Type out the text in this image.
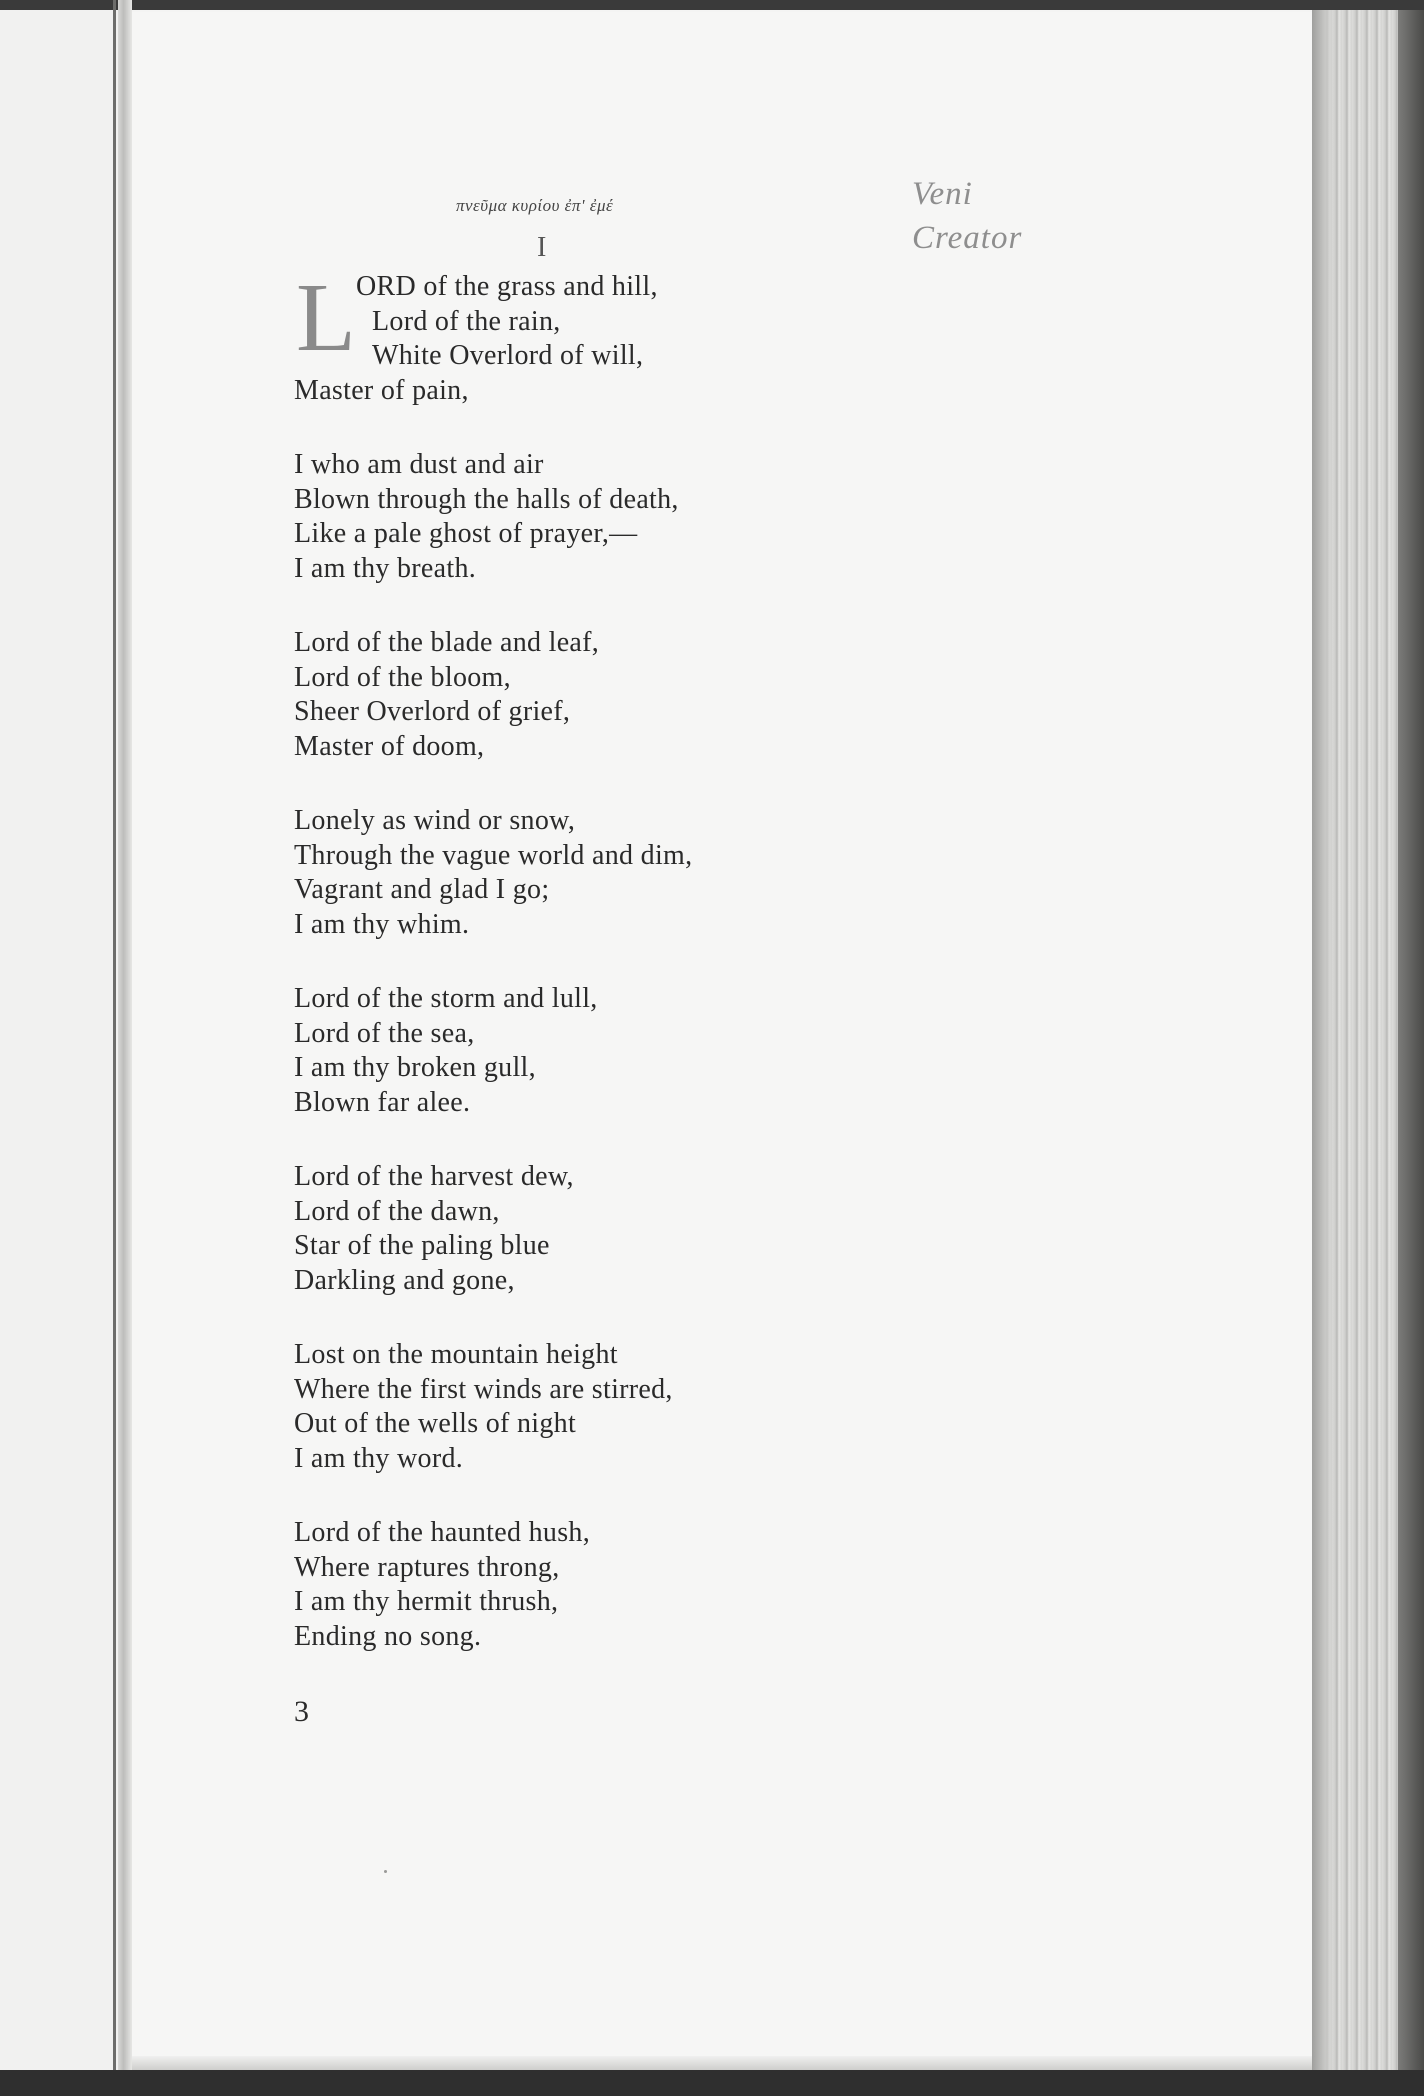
πνεῦμα κυρίου ἐπ' ἐμέ
I
Veni
Creator
L ORD of the grass and hill,
Lord of the rain,
White Overlord of will,
Master of pain,
I who am dust and air
Blown through the halls of death,
Like a pale ghost of prayer,—
I am thy breath.
Lord of the blade and leaf,
Lord of the bloom,
Sheer Overlord of grief,
Master of doom,
Lonely as wind or snow,
Through the vague world and dim,
Vagrant and glad I go;
I am thy whim.
Lord of the storm and lull,
Lord of the sea,
I am thy broken gull,
Blown far alee.
Lord of the harvest dew,
Lord of the dawn,
Star of the paling blue
Darkling and gone,
Lost on the mountain height
Where the first winds are stirred,
Out of the wells of night
I am thy word.
Lord of the haunted hush,
Where raptures throng,
I am thy hermit thrush,
Ending no song.
3
